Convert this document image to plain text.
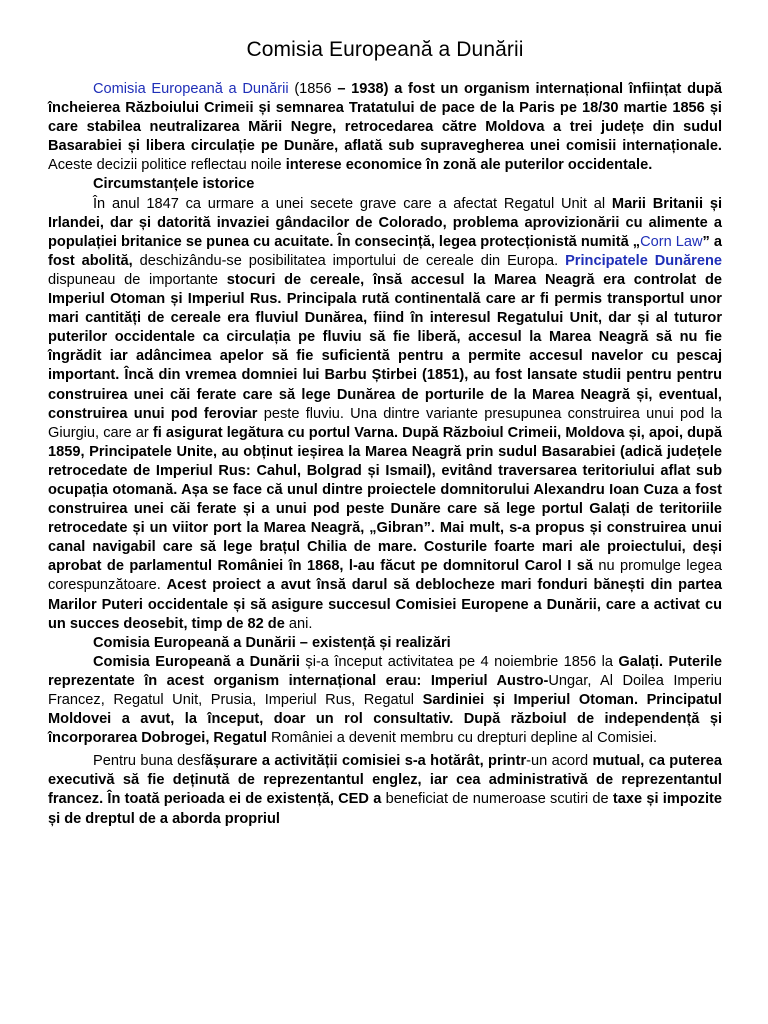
Comisia Europeană a Dunării

Comisia Europeană a Dunării (1856 – 1938) a fost un organism internațional înființat după încheierea Războiului Crimeii și semnarea Tratatului de pace de la Paris pe 18/30 martie 1856 și care stabilea neutralizarea Mării Negre, retrocedarea către Moldova a trei județe din sudul Basarabiei și libera circulație pe Dunăre, aflată sub supravegherea unei comisii internaționale. Aceste decizii politice reflectau noile interese economice în zonă ale puterilor occidentale.

Circumstanțele istorice

În anul 1847 ca urmare a unei secete grave care a afectat Regatul Unit al Marii Britanii și Irlandei, dar și datorită invaziei gândacilor de Colorado, problema aprovizionării cu alimente a populației britanice se punea cu acuitate. În consecință, legea protecționistă numită „Corn Law” a fost abolită, deschizându-se posibilitatea importului de cereale din Europa. Principatele Dunărene dispuneau de importante stocuri de cereale, însă accesul la Marea Neagră era controlat de Imperiul Otoman și Imperiul Rus. Principala rută continentală care ar fi permis transportul unor mari cantități de cereale era fluviul Dunărea, fiind în interesul Regatului Unit, dar și al tuturor puterilor occidentale ca circulația pe fluviu să fie liberă, accesul la Marea Neagră să nu fie îngrădit iar adâncimea apelor să fie suficientă pentru a permite accesul navelor cu pescaj important. Încă din vremea domniei lui Barbu Știrbei (1851), au fost lansate studii pentru pentru construirea unei căi ferate care să lege Dunărea de porturile de la Marea Neagră și, eventual, construirea unui pod feroviar peste fluviu. Una dintre variante presupunea construirea unui pod la Giurgiu, care ar fi asigurat legătura cu portul Varna. După Războiul Crimeii, Moldova și, apoi, după 1859, Principatele Unite, au obținut ieșirea la Marea Neagră prin sudul Basarabiei (adică județele retrocedate de Imperiul Rus: Cahul, Bolgrad și Ismail), evitând traversarea teritoriului aflat sub ocupația otomană. Așa se face că unul dintre proiectele domnitorului Alexandru Ioan Cuza a fost construirea unei căi ferate și a unui pod peste Dunăre care să lege portul Galați de teritoriile retrocedate și un viitor port la Marea Neagră, „Gibran”. Mai mult, s-a propus și construirea unui canal navigabil care să lege brațul Chilia de mare. Costurile foarte mari ale proiectului, deși aprobat de parlamentul României în 1868, l-au făcut pe domnitorul Carol I să nu promulge legea corespunzătoare. Acest proiect a avut însă darul să deblocheze mari fonduri bănești din partea Marilor Puteri occidentale și să asigure succesul Comisiei Europene a Dunării, care a activat cu un succes deosebit, timp de 82 de ani.

Comisia Europeană a Dunării – existență și realizări

Comisia Europeană a Dunării și-a început activitatea pe 4 noiembrie 1856 la Galați. Puterile reprezentate în acest organism internațional erau: Imperiul Austro-Ungar, Al Doilea Imperiu Francez, Regatul Unit, Prusia, Imperiul Rus, Regatul Sardiniei și Imperiul Otoman. Principatul Moldovei a avut, la început, doar un rol consultativ. După războiul de independență și încorporarea Dobrogei, Regatul României a devenit membru cu drepturi depline al Comisiei.

Pentru buna desfășurare a activității comisiei s-a hotărât, printr-un acord mutual, ca puterea executivă să fie deținută de reprezentantul englez, iar cea administrativă de reprezentantul francez. În toată perioada ei de existență, CED a beneficiat de numeroase scutiri de taxe și impozite și de dreptul de a aborda propriul
